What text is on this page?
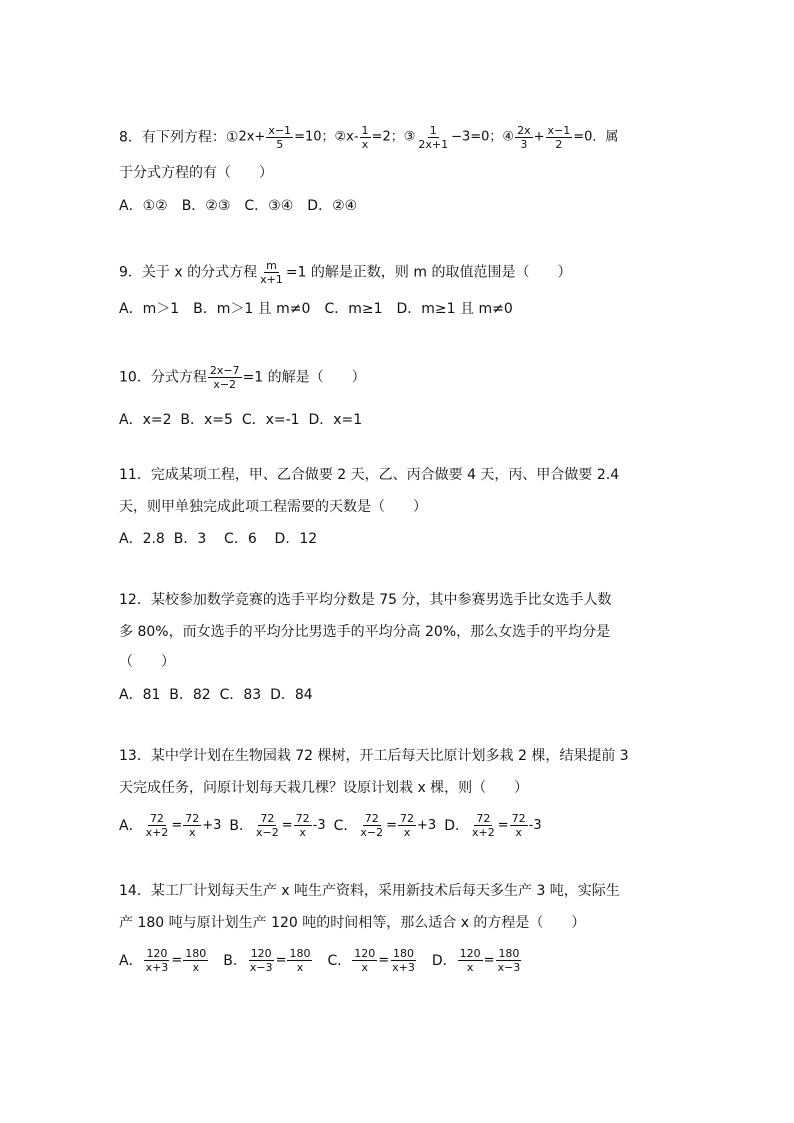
8．有下列方程：①2x+ $\frac{x-1}{5} =10$；②x- $\frac{1}{x} =2$；③ $\frac{1}{2x+1} -3=0$；④ $\frac{2x}{3} + \frac{x-1}{2} =0$．属
于分式方程的有（　　）
A．①② B．②③ C．③④ D．②④
9．关于 x 的分式方程 $\frac{m}{x+1} =1$ 的解是正数，则 m 的取值范围是（　　）
A．m＞1 B．m＞1 且 m≠0 C．m≥1 D．m≥1 且 m≠0
10．分式方程 $\frac{2x-7}{x-2} =1$ 的解是（　　）
A．x=2  B．x=5  C．x=-1  D．x=1
11．完成某项工程，甲、乙合做要 2 天，乙、丙合做要 4 天，丙、甲合做要 2.4
天，则甲单独完成此项工程需要的天数是（　　）
A．2.8  B．3    C．6    D．12
12．某校参加数学竞赛的选手平均分数是 75 分，其中参赛男选手比女选手人数
多 80%，而女选手的平均分比男选手的平均分高 20%，那么女选手的平均分是
（　　）
A．81  B．82  C．83  D．84
13．某中学计划在生物园栽 72 棵树，开工后每天比原计划多栽 2 棵，结果提前 3
天完成任务，问原计划每天栽几棵？设原计划栽 x 棵，则（　　）
A． $\frac{72}{x+2} = \frac{72}{x} +3$ B． $\frac{72}{x-2} = \frac{72}{x} -3$ C． $\frac{72}{x-2} = \frac{72}{x} +3$ D． $\frac{72}{x+2} = \frac{72}{x} -3$
14．某工厂计划每天生产 x 吨生产资料，采用新技术后每天多生产 3 吨，实际生
产 180 吨与原计划生产 120 吨的时间相等，那么适合 x 的方程是（　　）
A． $\frac{120}{x+3} = \frac{180}{x}$ B． $\frac{120}{x-3} = \frac{180}{x}$ C． $\frac{120}{x} = \frac{180}{x+3}$ D． $\frac{120}{x} = \frac{180}{x-3}$
